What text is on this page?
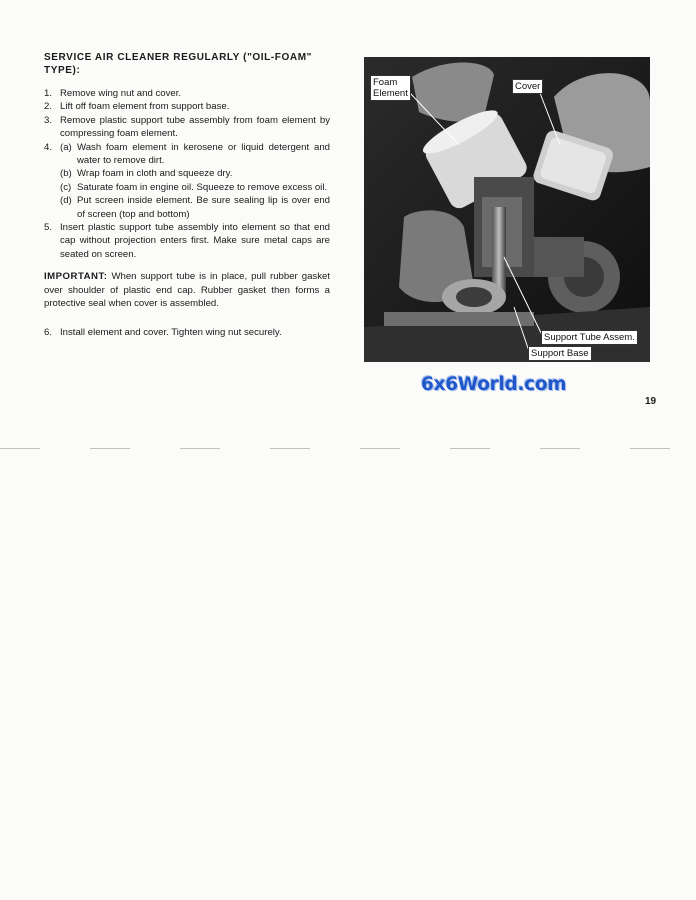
SERVICE AIR CLEANER REGULARLY ("OIL-FOAM" TYPE):
1. Remove wing nut and cover.
2. Lift off foam element from support base.
3. Remove plastic support tube assembly from foam element by compressing foam element.
4. (a) Wash foam element in kerosene or liquid detergent and water to remove dirt.
(b) Wrap foam in cloth and squeeze dry.
(c) Saturate foam in engine oil. Squeeze to remove excess oil.
(d) Put screen inside element. Be sure sealing lip is over end of screen (top and bottom)
5. Insert plastic support tube assembly into element so that end cap without projection enters first. Make sure metal caps are seated on screen.
IMPORTANT: When support tube is in place, pull rubber gasket over shoulder of plastic end cap. Rubber gasket then forms a protective seal when cover is assembled.
6. Install element and cover. Tighten wing nut securely.
Foam
Element
Cover
Support Tube Assem.
Support Base
6x6World.com
19
